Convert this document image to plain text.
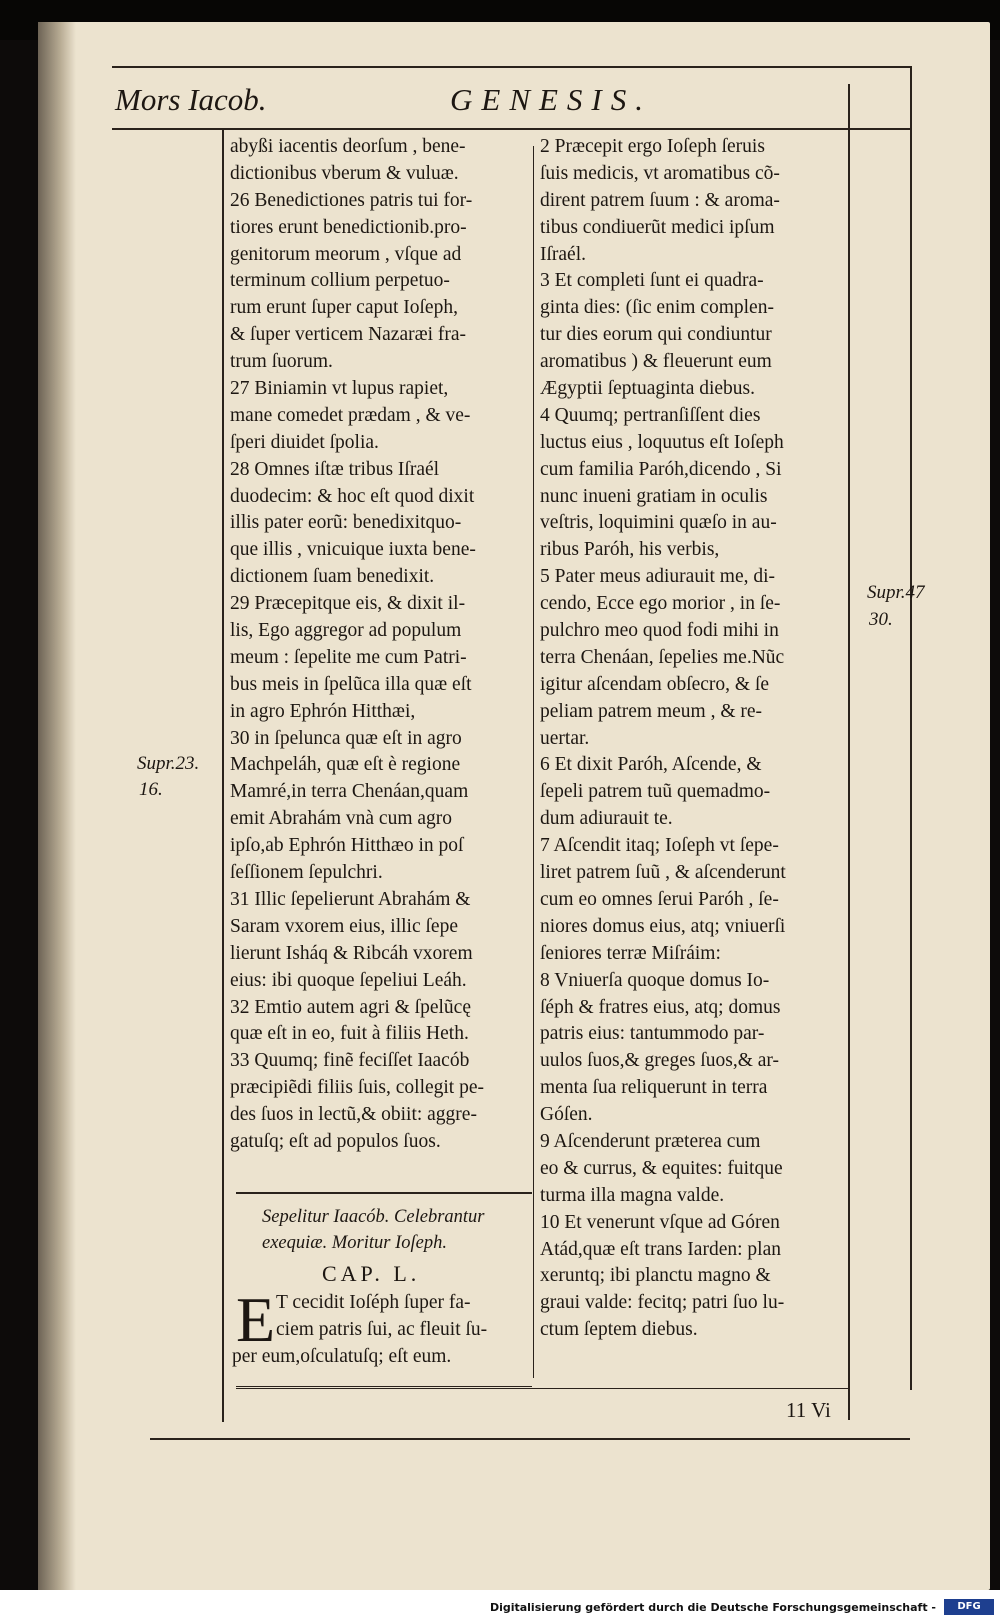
Mors Iacob.	GENESIS.
abyßi iacentis deorſum , bene-
dictionibus vberum & vuluæ.
26 Benedictiones patris tui for-
tiores erunt benedictionib.pro-
genitorum meorum , vſque ad
terminum collium perpetuo-
rum erunt ſuper caput Ioſeph,
& ſuper verticem Nazaræi fra-
trum ſuorum.
27 Biniamin vt lupus rapiet,
mane comedet prædam , & ve-
ſperi diuidet ſpolia.
28 Omnes iſtæ tribus Iſraél
duodecim: & hoc eſt quod dixit
illis pater eorũ: benedixitquo-
que illis , vnicuique iuxta bene-
dictionem ſuam benedixit.
29 Præcepitque eis, & dixit il-
lis, Ego aggregor ad populum
meum : ſepelite me cum Patri-
bus meis in ſpelũca illa quæ eſt
in agro Ephrón Hitthæi,
30 in ſpelunca quæ eſt in agro
Machpeláh, quæ eſt è regione
Mamré,in terra Chenáan,quam
emit Abrahám vnà cum agro
ipſo,ab Ephrón Hitthæo in poſ
ſeſſionem ſepulchri.
31 Illic ſepelierunt Abrahám &
Saram vxorem eius, illic ſepe
lierunt Isháq & Ribcáh vxorem
eius: ibi quoque ſepeliui Leáh.
32 Emtio autem agri & ſpelũcę
quæ eſt in eo, fuit à filiis Heth.
33 Quumq; finẽ feciſſet Iaacób
præcipiẽdi filiis ſuis, collegit pe-
des ſuos in lectũ,& obiit: aggre-
gatuſq; eſt ad populos ſuos.
2 Præcepit ergo Ioſeph ſeruis
ſuis medicis, vt aromatibus cõ-
dirent patrem ſuum : & aroma-
tibus condiuerũt medici ipſum
Iſraél.
3 Et completi ſunt ei quadra-
ginta dies: (ſic enim complen-
tur dies eorum qui condiuntur
aromatibus ) & fleuerunt eum
Ægyptii ſeptuaginta diebus.
4 Quumq; pertranſiſſent dies
luctus eius , loquutus eſt Ioſeph
cum familia Paróh,dicendo , Si
nunc inueni gratiam in oculis
veſtris, loquimini quæſo in au-
ribus Paróh, his verbis,
5 Pater meus adiurauit me, di-
cendo, Ecce ego morior , in ſe-
pulchro meo quod fodi mihi in
terra Chenáan, ſepelies me.Nũc
igitur aſcendam obſecro, & ſe
peliam patrem meum , & re-
uertar.
6 Et dixit Paróh, Aſcende, &
ſepeli patrem tuũ quemadmo-
dum adiurauit te.
7 Aſcendit itaq; Ioſeph vt ſepe-
liret patrem ſuũ , & aſcenderunt
cum eo omnes ſerui Paróh , ſe-
niores domus eius, atq; vniuerſi
ſeniores terræ Miſráim:
8 Vniuerſa quoque domus Io-
ſéph & fratres eius, atq; domus
patris eius: tantummodo par-
uulos ſuos,& greges ſuos,& ar-
menta ſua reliquerunt in terra
Góſen.
9 Aſcenderunt præterea cum
eo & currus, & equites: fuitque
turma illa magna valde.
10 Et venerunt vſque ad Góren
Atád,quæ eſt trans Iarden: plan
xeruntq; ibi planctu magno &
graui valde: fecitq; patri ſuo lu-
ctum ſeptem diebus.
Supr.23.
16.
Supr.47
30.
Sepelitur Iaacób. Celebrantur
exequiæ. Moritur Ioſeph.
CAP. L.
E T cecidit Ioſéph ſuper fa-
ciem patris ſui, ac fleuit ſu-
per eum,oſculatuſq; eſt eum.
11 Vi
Digitalisierung gefördert durch die Deutsche Forschungsgemeinschaft -	DFG
